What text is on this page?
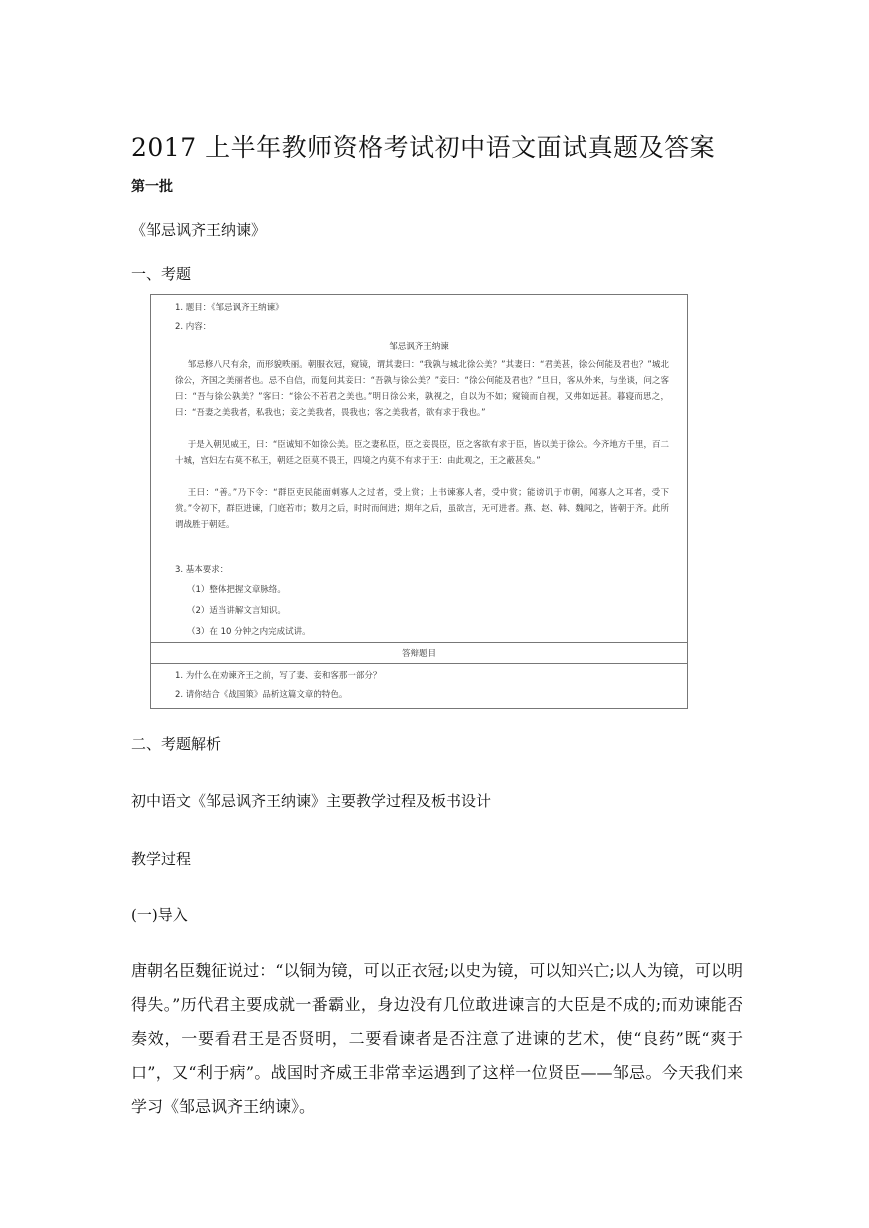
2017 上半年教师资格考试初中语文面试真题及答案
第一批
《邹忌讽齐王纳谏》
一、考题
1. 题目：《邹忌讽齐王纳谏》
2. 内容：
邹忌讽齐王纳谏
邹忌修八尺有余，而形貌昳丽。朝服衣冠，窥镜，谓其妻曰：“我孰与城北徐公美？”其妻曰：“君美甚，徐公何能及君也？”城北徐公，齐国之美丽者也。忌不自信，而复问其妾曰：“吾孰与徐公美？”妾曰：“徐公何能及君也？”旦日，客从外来，与坐谈，问之客曰：“吾与徐公孰美？”客曰：“徐公不若君之美也。”明日徐公来，孰视之，自以为不如；窥镜而自视，又弗如远甚。暮寝而思之，曰：“吾妻之美我者，私我也；妾之美我者，畏我也；客之美我者，欲有求于我也。”
于是入朝见威王，曰：“臣诚知不如徐公美。臣之妻私臣，臣之妾畏臣，臣之客欲有求于臣，皆以美于徐公。今齐地方千里，百二十城，宫妇左右莫不私王，朝廷之臣莫不畏王，四境之内莫不有求于王：由此观之，王之蔽甚矣。”
王曰：“善。”乃下令：“群臣吏民能面刺寡人之过者，受上赏；上书谏寡人者，受中赏；能谤讥于市朝，闻寡人之耳者，受下赏。”令初下，群臣进谏，门庭若市；数月之后，时时而间进；期年之后，虽欲言，无可进者。燕、赵、韩、魏闻之，皆朝于齐。此所谓战胜于朝廷。
3. 基本要求：
（1）整体把握文章脉络。
（2）适当讲解文言知识。
（3）在 10 分钟之内完成试讲。
答辩题目
1. 为什么在劝谏齐王之前，写了妻、妾和客那一部分？
2. 请你结合《战国策》品析这篇文章的特色。
二、考题解析
初中语文《邹忌讽齐王纳谏》主要教学过程及板书设计
教学过程
(一)导入
唐朝名臣魏征说过：“以铜为镜，可以正衣冠;以史为镜，可以知兴亡;以人为镜，可以明得失。”历代君主要成就一番霸业，身边没有几位敢进谏言的大臣是不成的;而劝谏能否奏效，一要看君王是否贤明，二要看谏者是否注意了进谏的艺术，使“良药”既“爽于口”，又“利于病”。战国时齐威王非常幸运遇到了这样一位贤臣——邹忌。今天我们来学习《邹忌讽齐王纳谏》。
